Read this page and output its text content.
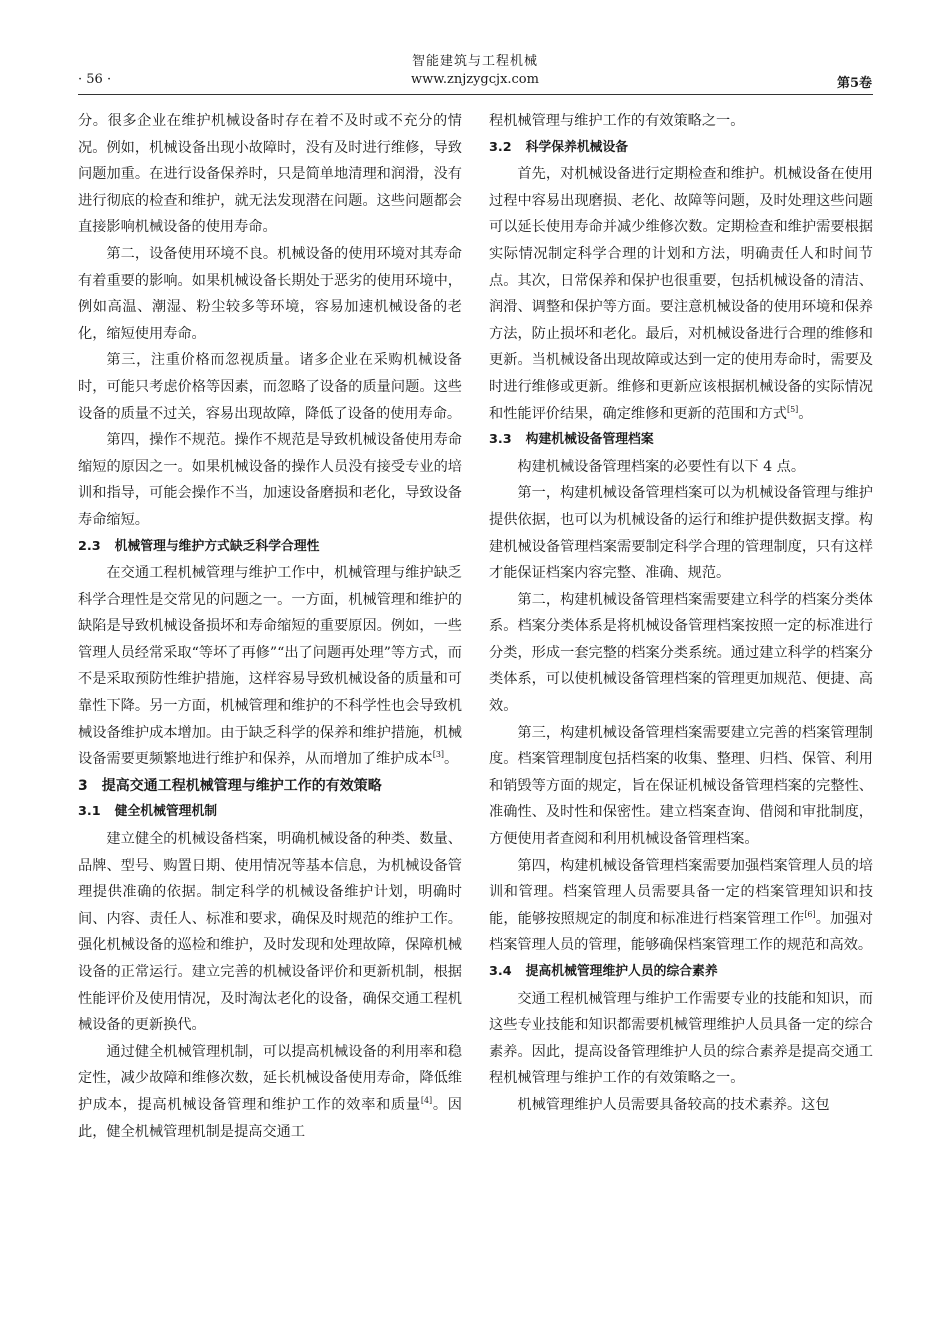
智能建筑与工程机械
· 56 ·	www.znjzygcjx.com	第5卷

分。很多企业在维护机械设备时存在着不及时或不充分的情况。例如，机械设备出现小故障时，没有及时进行维修，导致问题加重。在进行设备保养时，只是简单地清理和润滑，没有进行彻底的检查和维护，就无法发现潜在问题。这些问题都会直接影响机械设备的使用寿命。

第二，设备使用环境不良。机械设备的使用环境对其寿命有着重要的影响。如果机械设备长期处于恶劣的使用环境中，例如高温、潮湿、粉尘较多等环境，容易加速机械设备的老化，缩短使用寿命。

第三，注重价格而忽视质量。诸多企业在采购机械设备时，可能只考虑价格等因素，而忽略了设备的质量问题。这些设备的质量不过关，容易出现故障，降低了设备的使用寿命。

第四，操作不规范。操作不规范是导致机械设备使用寿命缩短的原因之一。如果机械设备的操作人员没有接受专业的培训和指导，可能会操作不当，加速设备磨损和老化，导致设备寿命缩短。

2.3 机械管理与维护方式缺乏科学合理性

在交通工程机械管理与维护工作中，机械管理与维护缺乏科学合理性是交常见的问题之一。一方面，机械管理和维护的缺陷是导致机械设备损坏和寿命缩短的重要原因。例如，一些管理人员经常采取“等坏了再修”“出了问题再处理”等方式，而不是采取预防性维护措施，这样容易导致机械设备的质量和可靠性下降。另一方面，机械管理和维护的不科学性也会导致机械设备维护成本增加。由于缺乏科学的保养和维护措施，机械设备需要更频繁地进行维护和保养，从而增加了维护成本[3]。

3 提高交通工程机械管理与维护工作的有效策略
3.1 健全机械管理机制

建立健全的机械设备档案，明确机械设备的种类、数量、品牌、型号、购置日期、使用情况等基本信息，为机械设备管理提供准确的依据。制定科学的机械设备维护计划，明确时间、内容、责任人、标准和要求，确保及时规范的维护工作。强化机械设备的巡检和维护，及时发现和处理故障，保障机械设备的正常运行。建立完善的机械设备评价和更新机制，根据性能评价及使用情况，及时淘汰老化的设备，确保交通工程机械设备的更新换代。

通过健全机械管理机制，可以提高机械设备的利用率和稳定性，减少故障和维修次数，延长机械设备使用寿命，降低维护成本，提高机械设备管理和维护工作的效率和质量[4]。因此，健全机械管理机制是提高交通工

程机械管理与维护工作的有效策略之一。

3.2 科学保养机械设备

首先，对机械设备进行定期检查和维护。机械设备在使用过程中容易出现磨损、老化、故障等问题，及时处理这些问题可以延长使用寿命并减少维修次数。定期检查和维护需要根据实际情况制定科学合理的计划和方法，明确责任人和时间节点。其次，日常保养和保护也很重要，包括机械设备的清洁、润滑、调整和保护等方面。要注意机械设备的使用环境和保养方法，防止损坏和老化。最后，对机械设备进行合理的维修和更新。当机械设备出现故障或达到一定的使用寿命时，需要及时进行维修或更新。维修和更新应该根据机械设备的实际情况和性能评价结果，确定维修和更新的范围和方式[5]。

3.3 构建机械设备管理档案

构建机械设备管理档案的必要性有以下 4 点。

第一，构建机械设备管理档案可以为机械设备管理与维护提供依据，也可以为机械设备的运行和维护提供数据支撑。构建机械设备管理档案需要制定科学合理的管理制度，只有这样才能保证档案内容完整、准确、规范。

第二，构建机械设备管理档案需要建立科学的档案分类体系。档案分类体系是将机械设备管理档案按照一定的标准进行分类，形成一套完整的档案分类系统。通过建立科学的档案分类体系，可以使机械设备管理档案的管理更加规范、便捷、高效。

第三，构建机械设备管理档案需要建立完善的档案管理制度。档案管理制度包括档案的收集、整理、归档、保管、利用和销毁等方面的规定，旨在保证机械设备管理档案的完整性、准确性、及时性和保密性。建立档案查询、借阅和审批制度，方便使用者查阅和利用机械设备管理档案。

第四，构建机械设备管理档案需要加强档案管理人员的培训和管理。档案管理人员需要具备一定的档案管理知识和技能，能够按照规定的制度和标准进行档案管理工作[6]。加强对档案管理人员的管理，能够确保档案管理工作的规范和高效。

3.4 提高机械管理维护人员的综合素养

交通工程机械管理与维护工作需要专业的技能和知识，而这些专业技能和知识都需要机械管理维护人员具备一定的综合素养。因此，提高设备管理维护人员的综合素养是提高交通工程机械管理与维护工作的有效策略之一。

机械管理维护人员需要具备较高的技术素养。这包
